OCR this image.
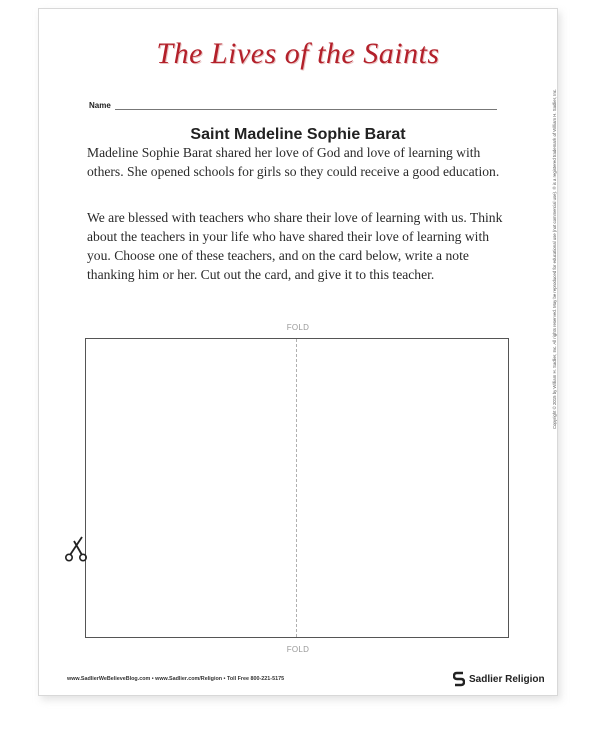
The Lives of the Saints
Name
Saint Madeline Sophie Barat

Madeline Sophie Barat shared her love of God and love of learning with others. She opened schools for girls so they could receive a good education.

We are blessed with teachers who share their love of learning with us. Think about the teachers in your life who have shared their love of learning with you. Choose one of these teachers, and on the card below, write a note thanking him or her. Cut out the card, and give it to this teacher.

FOLD
FOLD
www.SadlierWeBelieveBlog.com • www.Sadlier.com/Religion • Toll Free 800-221-5175	Sadlier Religion
Copyright © 2015 by William H. Sadlier, Inc. All rights reserved. May be reproduced for educational use (not commercial use). ® is a registered trademark of William H. Sadlier, Inc.
